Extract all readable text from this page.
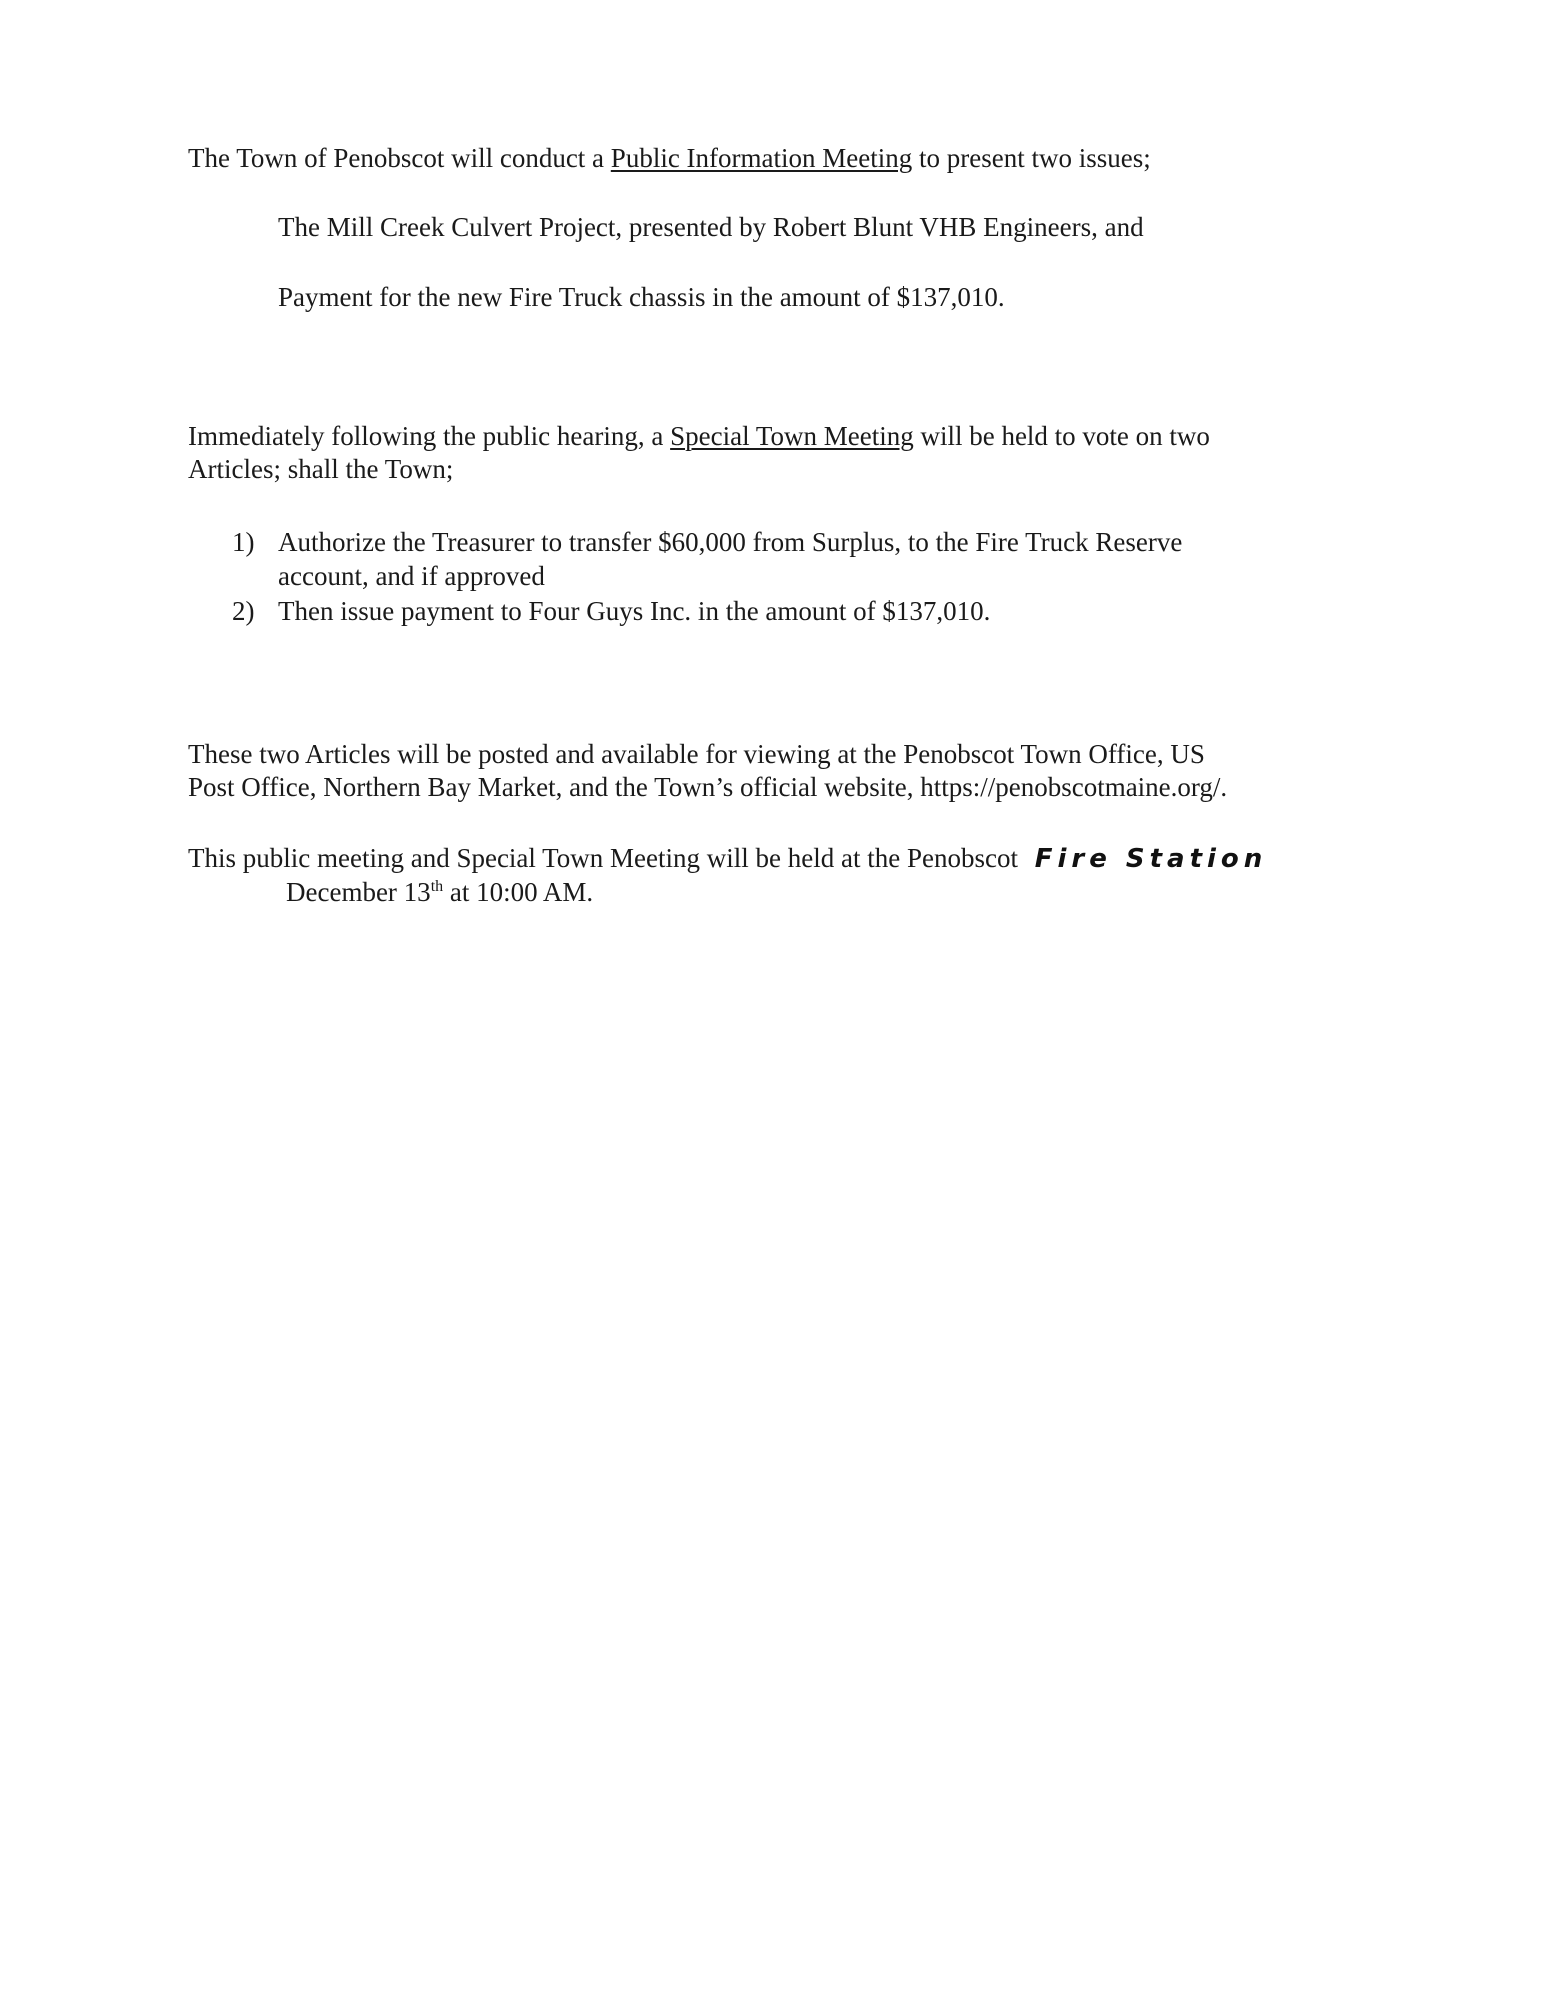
The Town of Penobscot will conduct a Public Information Meeting to present two issues;
The Mill Creek Culvert Project, presented by Robert Blunt VHB Engineers, and
Payment for the new Fire Truck chassis in the amount of $137,010.
Immediately following the public hearing, a Special Town Meeting will be held to vote on two
Articles; shall the Town;
1) Authorize the Treasurer to transfer $60,000 from Surplus, to the Fire Truck Reserve
account, and if approved
2) Then issue payment to Four Guys Inc. in the amount of $137,010.
These two Articles will be posted and available for viewing at the Penobscot Town Office, US
Post Office, Northern Bay Market, and the Town’s official website, https://penobscotmaine.org/.
This public meeting and Special Town Meeting will be held at the Penobscot Fire Station
December 13th at 10:00 AM.
